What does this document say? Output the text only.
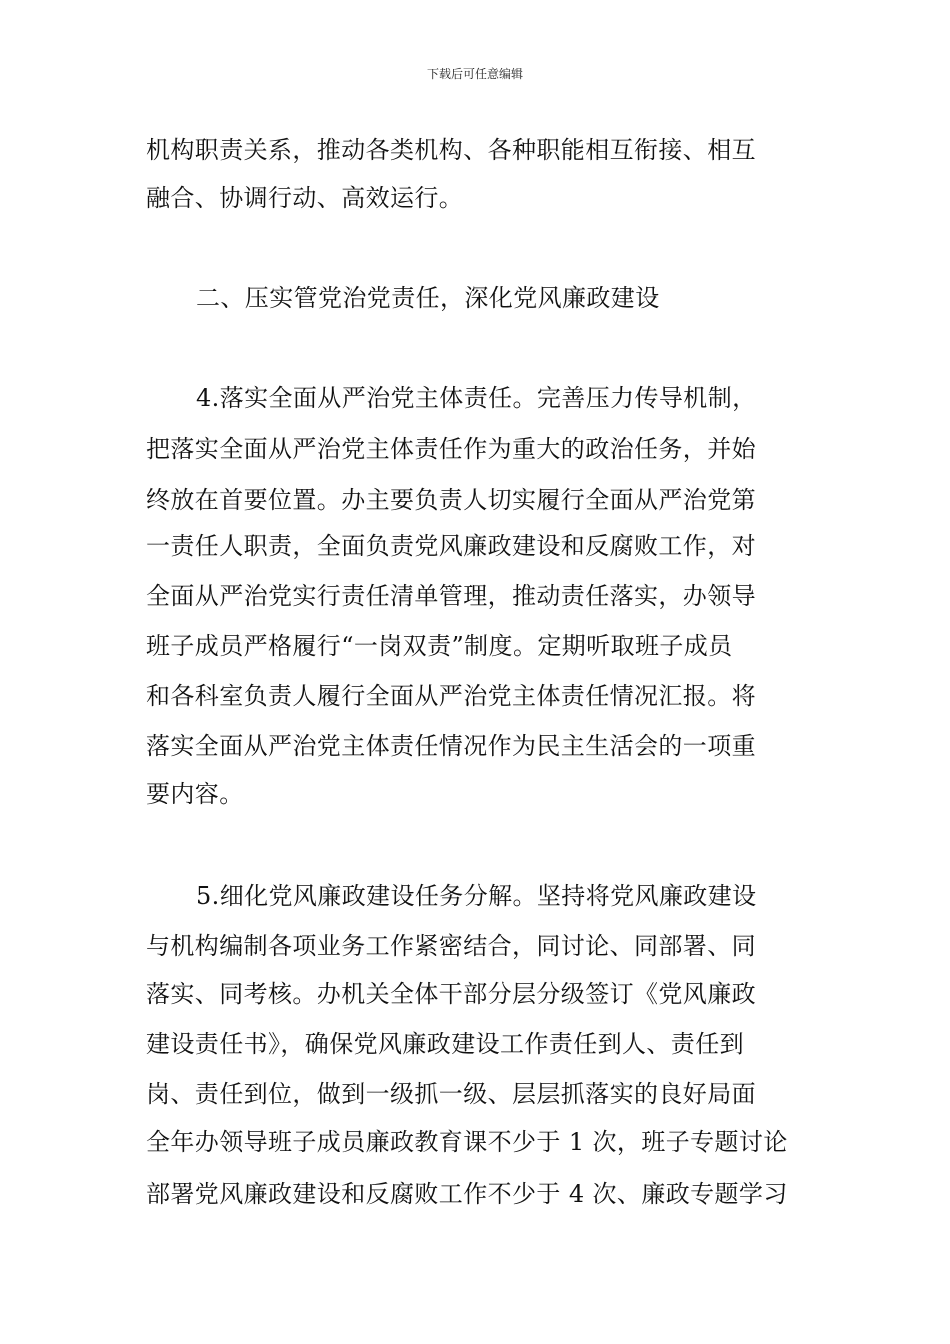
下载后可任意编辑
机构职责关系，推动各类机构、各种职能相互衔接、相互
融合、协调行动、高效运行。
二、压实管党治党责任，深化党风廉政建设
4.落实全面从严治党主体责任。完善压力传导机制，
把落实全面从严治党主体责任作为重大的政治任务，并始
终放在首要位置。办主要负责人切实履行全面从严治党第
一责任人职责，全面负责党风廉政建设和反腐败工作，对
全面从严治党实行责任清单管理，推动责任落实，办领导
班子成员严格履行“一岗双责”制度。定期听取班子成员
和各科室负责人履行全面从严治党主体责任情况汇报。将
落实全面从严治党主体责任情况作为民主生活会的一项重
要内容。
5.细化党风廉政建设任务分解。坚持将党风廉政建设
与机构编制各项业务工作紧密结合，同讨论、同部署、同
落实、同考核。办机关全体干部分层分级签订《党风廉政
建设责任书》，确保党风廉政建设工作责任到人、责任到
岗、责任到位，做到一级抓一级、层层抓落实的良好局面
全年办领导班子成员廉政教育课不少于 1 次，班子专题讨论
部署党风廉政建设和反腐败工作不少于 4 次、廉政专题学习
